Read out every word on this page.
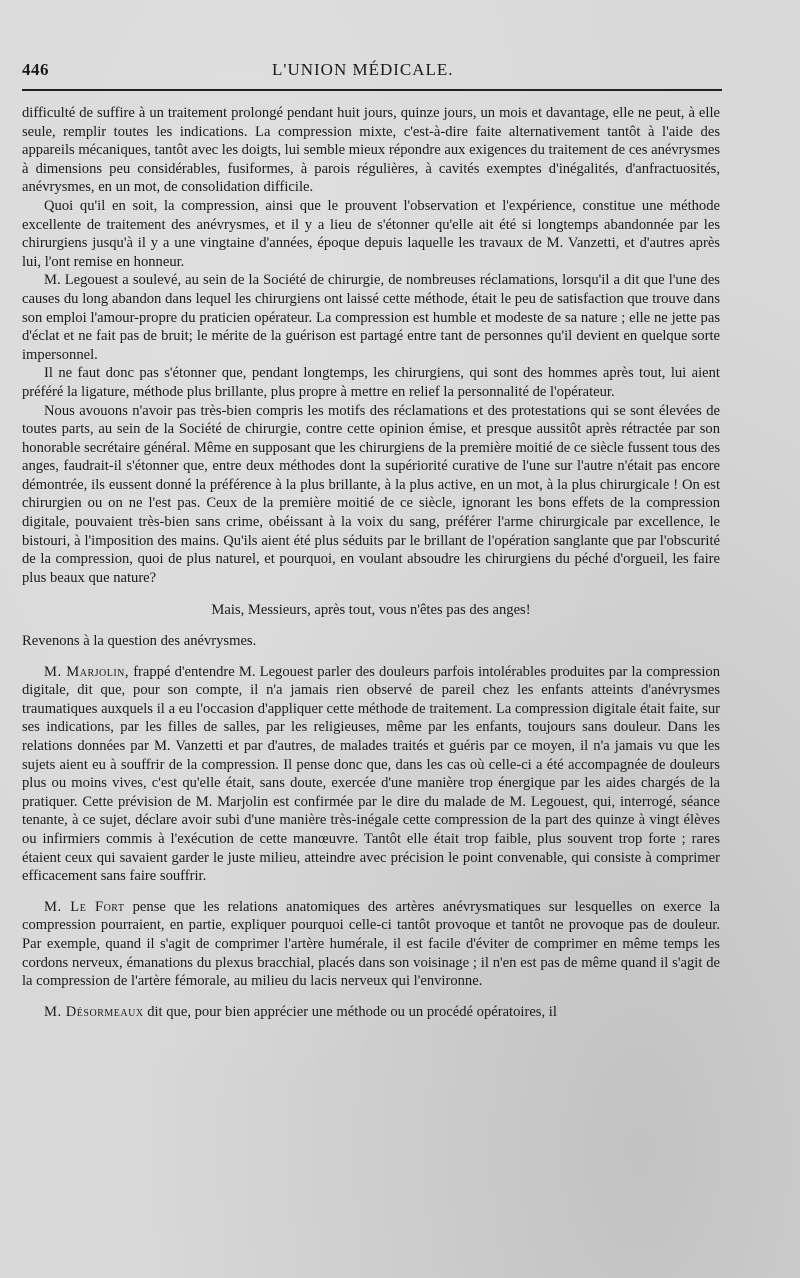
446	L'UNION MÉDICALE.

difficulté de suffire à un traitement prolongé pendant huit jours, quinze jours, un mois et davantage, elle ne peut, à elle seule, remplir toutes les indications. La compression mixte, c'est-à-dire faite alternativement tantôt à l'aide des appareils mécaniques, tantôt avec les doigts, lui semble mieux répondre aux exigences du traitement de ces anévrysmes à dimensions peu considérables, fusiformes, à parois régulières, à cavités exemptes d'inégalités, d'anfractuosités, anévrysmes, en un mot, de consolidation difficile.

Quoi qu'il en soit, la compression, ainsi que le prouvent l'observation et l'expérience, constitue une méthode excellente de traitement des anévrysmes, et il y a lieu de s'étonner qu'elle ait été si longtemps abandonnée par les chirurgiens jusqu'à il y a une vingtaine d'années, époque depuis laquelle les travaux de M. Vanzetti, et d'autres après lui, l'ont remise en honneur.

M. Legouest a soulevé, au sein de la Société de chirurgie, de nombreuses réclamations, lorsqu'il a dit que l'une des causes du long abandon dans lequel les chirurgiens ont laissé cette méthode, était le peu de satisfaction que trouve dans son emploi l'amour-propre du praticien opérateur. La compression est humble et modeste de sa nature ; elle ne jette pas d'éclat et ne fait pas de bruit; le mérite de la guérison est partagé entre tant de personnes qu'il devient en quelque sorte impersonnel.

Il ne faut donc pas s'étonner que, pendant longtemps, les chirurgiens, qui sont des hommes après tout, lui aient préféré la ligature, méthode plus brillante, plus propre à mettre en relief la personnalité de l'opérateur.

Nous avouons n'avoir pas très-bien compris les motifs des réclamations et des protestations qui se sont élevées de toutes parts, au sein de la Société de chirurgie, contre cette opinion émise, et presque aussitôt après rétractée par son honorable secrétaire général. Même en supposant que les chirurgiens de la première moitié de ce siècle fussent tous des anges, faudrait-il s'étonner que, entre deux méthodes dont la supériorité curative de l'une sur l'autre n'était pas encore démontrée, ils eussent donné la préférence à la plus brillante, à la plus active, en un mot, à la plus chirurgicale ! On est chirurgien ou on ne l'est pas. Ceux de la première moitié de ce siècle, ignorant les bons effets de la compression digitale, pouvaient très-bien sans crime, obéissant à la voix du sang, préférer l'arme chirurgicale par excellence, le bistouri, à l'imposition des mains. Qu'ils aient été plus séduits par le brillant de l'opération sanglante que par l'obscurité de la compression, quoi de plus naturel, et pourquoi, en voulant absoudre les chirurgiens du péché d'orgueil, les faire plus beaux que nature?

Mais, Messieurs, après tout, vous n'êtes pas des anges!

Revenons à la question des anévrysmes.

M. Marjolin, frappé d'entendre M. Legouest parler des douleurs parfois intolérables produites par la compression digitale, dit que, pour son compte, il n'a jamais rien observé de pareil chez les enfants atteints d'anévrysmes traumatiques auxquels il a eu l'occasion d'appliquer cette méthode de traitement. La compression digitale était faite, sur ses indications, par les filles de salles, par les religieuses, même par les enfants, toujours sans douleur. Dans les relations données par M. Vanzetti et par d'autres, de malades traités et guéris par ce moyen, il n'a jamais vu que les sujets aient eu à souffrir de la compression. Il pense donc que, dans les cas où celle-ci a été accompagnée de douleurs plus ou moins vives, c'est qu'elle était, sans doute, exercée d'une manière trop énergique par les aides chargés de la pratiquer. Cette prévision de M. Marjolin est confirmée par le dire du malade de M. Legouest, qui, interrogé, séance tenante, à ce sujet, déclare avoir subi d'une manière très-inégale cette compression de la part des quinze à vingt élèves ou infirmiers commis à l'exécution de cette manœuvre. Tantôt elle était trop faible, plus souvent trop forte ; rares étaient ceux qui savaient garder le juste milieu, atteindre avec précision le point convenable, qui consiste à comprimer efficacement sans faire souffrir.

M. Le Fort pense que les relations anatomiques des artères anévrysmatiques sur lesquelles on exerce la compression pourraient, en partie, expliquer pourquoi celle-ci tantôt provoque et tantôt ne provoque pas de douleur. Par exemple, quand il s'agit de comprimer l'artère humérale, il est facile d'éviter de comprimer en même temps les cordons nerveux, émanations du plexus bracchial, placés dans son voisinage ; il n'en est pas de même quand il s'agit de la compression de l'artère fémorale, au milieu du lacis nerveux qui l'environne.

M. Désormeaux dit que, pour bien apprécier une méthode ou un procédé opératoires, il
